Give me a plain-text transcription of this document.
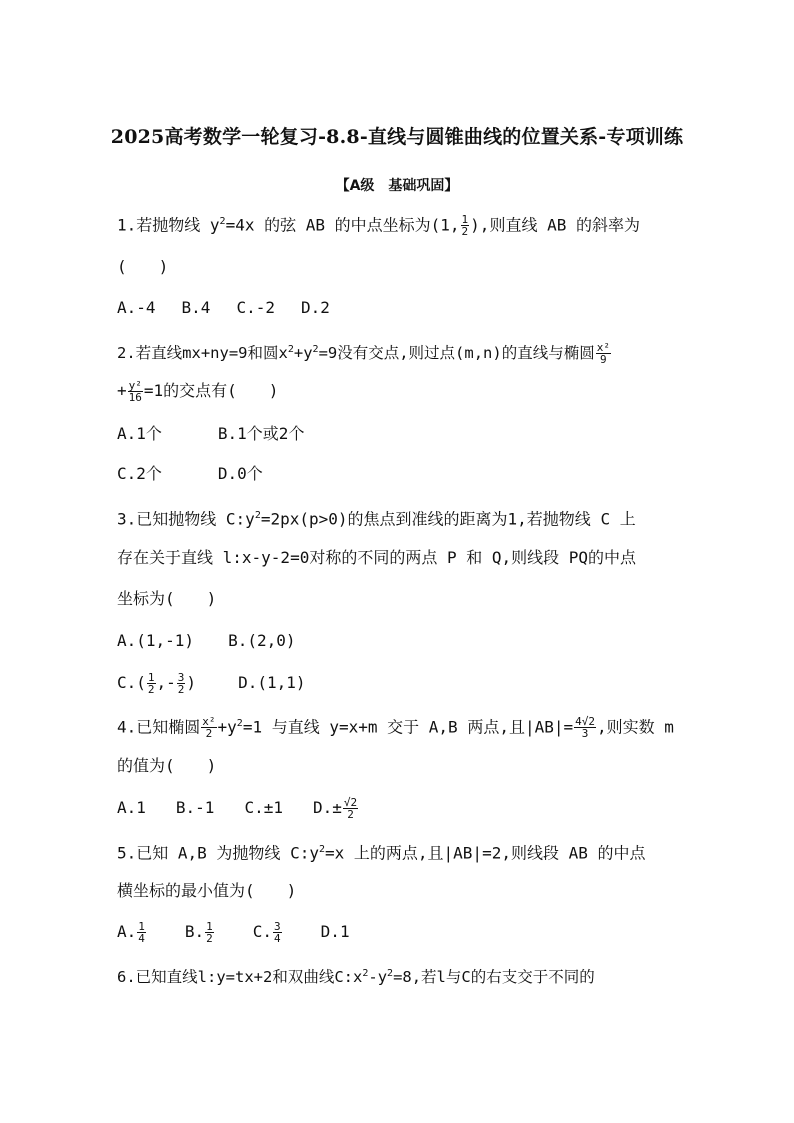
2025高考数学一轮复习-8.8-直线与圆锥曲线的位置关系-专项训练
【A级　基础巩固】
1.若抛物线 $y^2=4x$ 的弦 AB 的中点坐标为(1, $\frac{1}{2}$ ),则直线 AB 的斜率为
(　　)
A.-4 B.4 C.-2 D.2
2.若直线mx+ny=9和圆$x^2+y^2=9$没有交点,则过点(m,n)的直线与椭圆 $\frac{\text{x²}}{9}$
+ $\frac{\text{y²}}{16} =1$的交点有(　　)
A.1个	B.1个或2个
C.2个	D.0个
3.已知抛物线 $C:y^2=2px(p>0)$的焦点到准线的距离为1,若抛物线 C 上
存在关于直线 l:x-y-2=0对称的不同的两点 P 和 Q,则线段 PQ的中点
坐标为(　　)
A.(1,-1) B.(2,0)
$C.( \frac{1}{2}$ ,- $\frac{3}{2}$ )	D.(1,1)
4.已知椭圆 $\frac{\text{x²}}{2} +y^2=1$ 与直线 y=x+m 交于 A,B 两点,且$|AB|= \frac{4√2}{3}$ ,则实数 m
的值为(　　)
A.1 B.-1 C.±1 $D.\pm \frac{√2}{2}$
5.已知 A,B 为抛物线 $C:y^2=x$ 上的两点,且|AB|=2,则线段 AB 的中点
横坐标的最小值为(　　)
A. $\frac{1}{4} B$. $\frac{1}{2} C$. $\frac{3}{4} D.1$
6.已知直线l:y=tx+2和双曲线$C:x^2-y^2=8$,若l与C的右支交于不同的
